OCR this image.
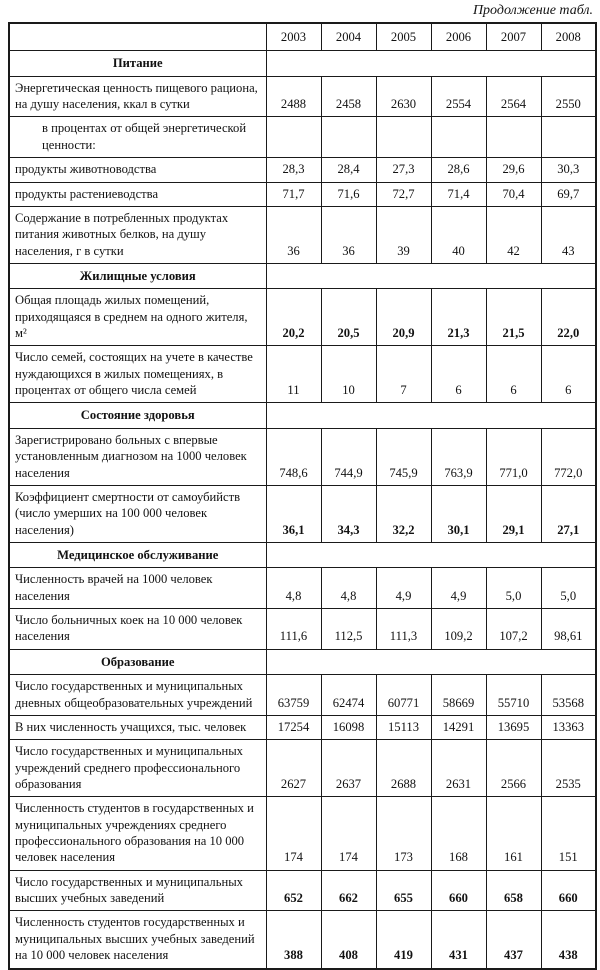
Продолжение табл.
	2003	2004	2005	2006	2007	2008
Питание						
Энергетическая ценность пищевого рациона, на душу населения, ккал в сутки	2488	2458	2630	2554	2564	2550
в процентах от общей энергетической ценности:						
продукты животноводства	28,3	28,4	27,3	28,6	29,6	30,3
продукты растениеводства	71,7	71,6	72,7	71,4	70,4	69,7
Содержание в потребленных продуктах питания животных белков, на душу населения, г в сутки	36	36	39	40	42	43
Жилищные условия						
Общая площадь жилых помещений, приходящаяся в среднем на одного жителя, м²	20,2	20,5	20,9	21,3	21,5	22,0
Число семей, состоящих на учете в качестве нуждающихся в жилых помещениях, в процентах от общего числа семей	11	10	7	6	6	6
Состояние здоровья						
Зарегистрировано больных с впервые установленным диагнозом на 1000 человек населения	748,6	744,9	745,9	763,9	771,0	772,0
Коэффициент смертности от самоубийств (число умерших на 100 000 человек населения)	36,1	34,3	32,2	30,1	29,1	27,1
Медицинское обслуживание						
Численность врачей на 1000 человек населения	4,8	4,8	4,9	4,9	5,0	5,0
Число больничных коек на 10 000 человек населения	111,6	112,5	111,3	109,2	107,2	98,61
Образование						
Число государственных и муниципальных дневных общеобразовательных учреждений	63759	62474	60771	58669	55710	53568
В них численность учащихся, тыс. человек	17254	16098	15113	14291	13695	13363
Число государственных и муниципальных учреждений среднего профессионального образования	2627	2637	2688	2631	2566	2535
Численность студентов в государственных и муниципальных учреждениях среднего профессионального образования на 10 000 человек населения	174	174	173	168	161	151
Число государственных и муниципальных высших учебных заведений	652	662	655	660	658	660
Численность студентов государственных и муниципальных высших учебных заведений на 10 000 человек населения	388	408	419	431	437	438
